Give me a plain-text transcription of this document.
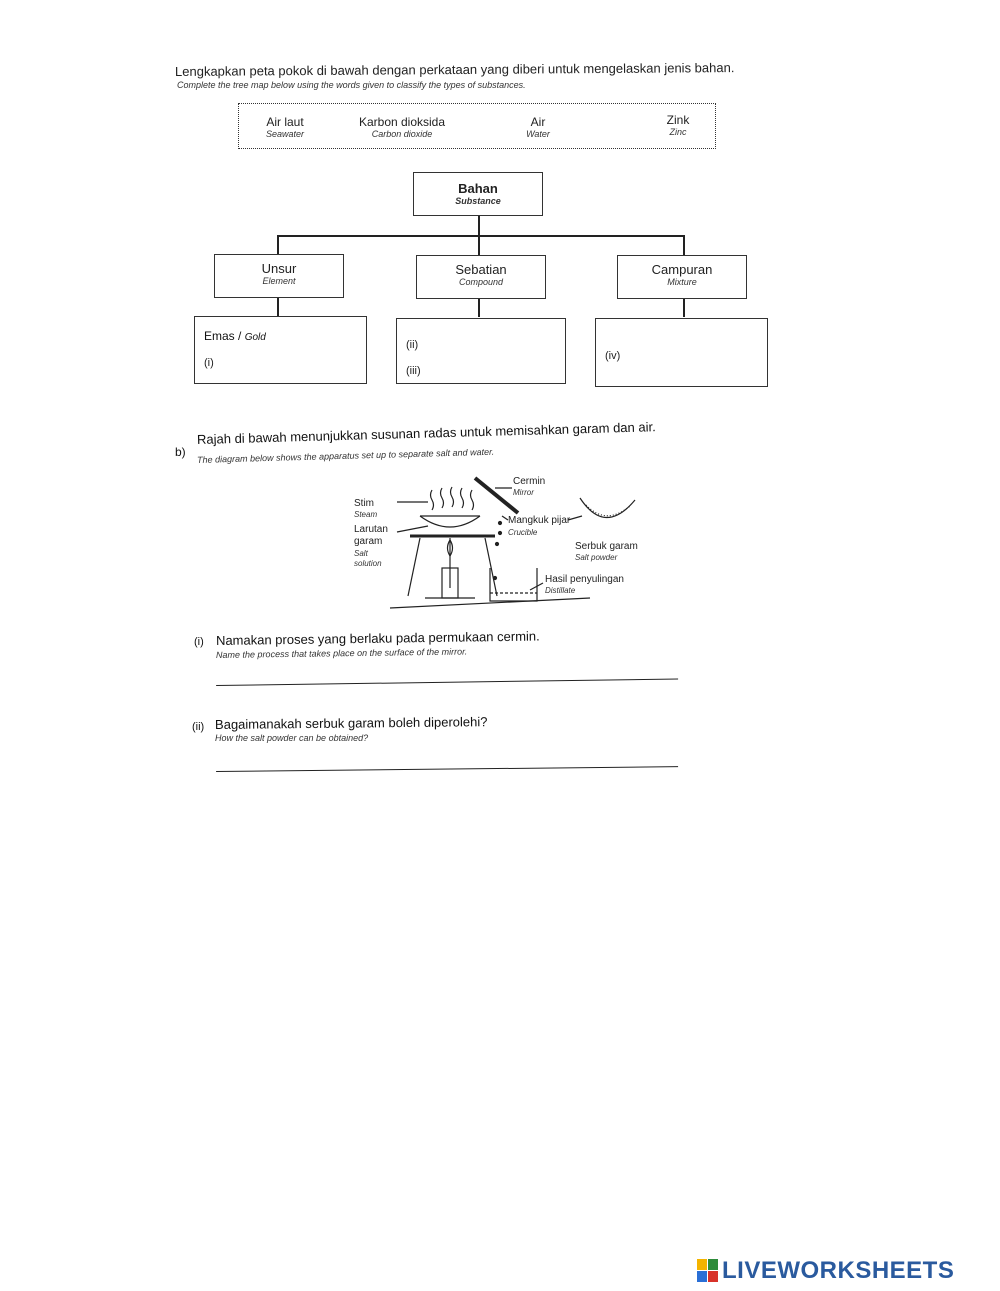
Lengkapkan peta pokok di bawah dengan perkataan yang diberi untuk mengelaskan jenis bahan.
Complete the tree map below using the words given to classify the types of substances.
Air laut
Seawater
Karbon dioksida
Carbon dioxide
Air
Water
Zink
Zinc
Bahan
Substance
Unsur
Element
Sebatian
Compound
Campuran
Mixture
Emas / Gold
(i)
(ii)
(iii)
(iv)
b)
Rajah di bawah menunjukkan susunan radas untuk memisahkan garam dan air.
The diagram below shows the apparatus set up to separate salt and water.
Stim
Steam
Larutan
garam
Salt
solution
Cermin
Mirror
Mangkuk pijar
Crucible
Serbuk garam
Salt powder
Hasil penyulingan
Distillate
(i) Namakan proses yang berlaku pada permukaan cermin.
Name the process that takes place on the surface of the mirror.
(ii) Bagaimanakah serbuk garam boleh diperolehi?
How the salt powder can be obtained?
LIVEWORKSHEETS
